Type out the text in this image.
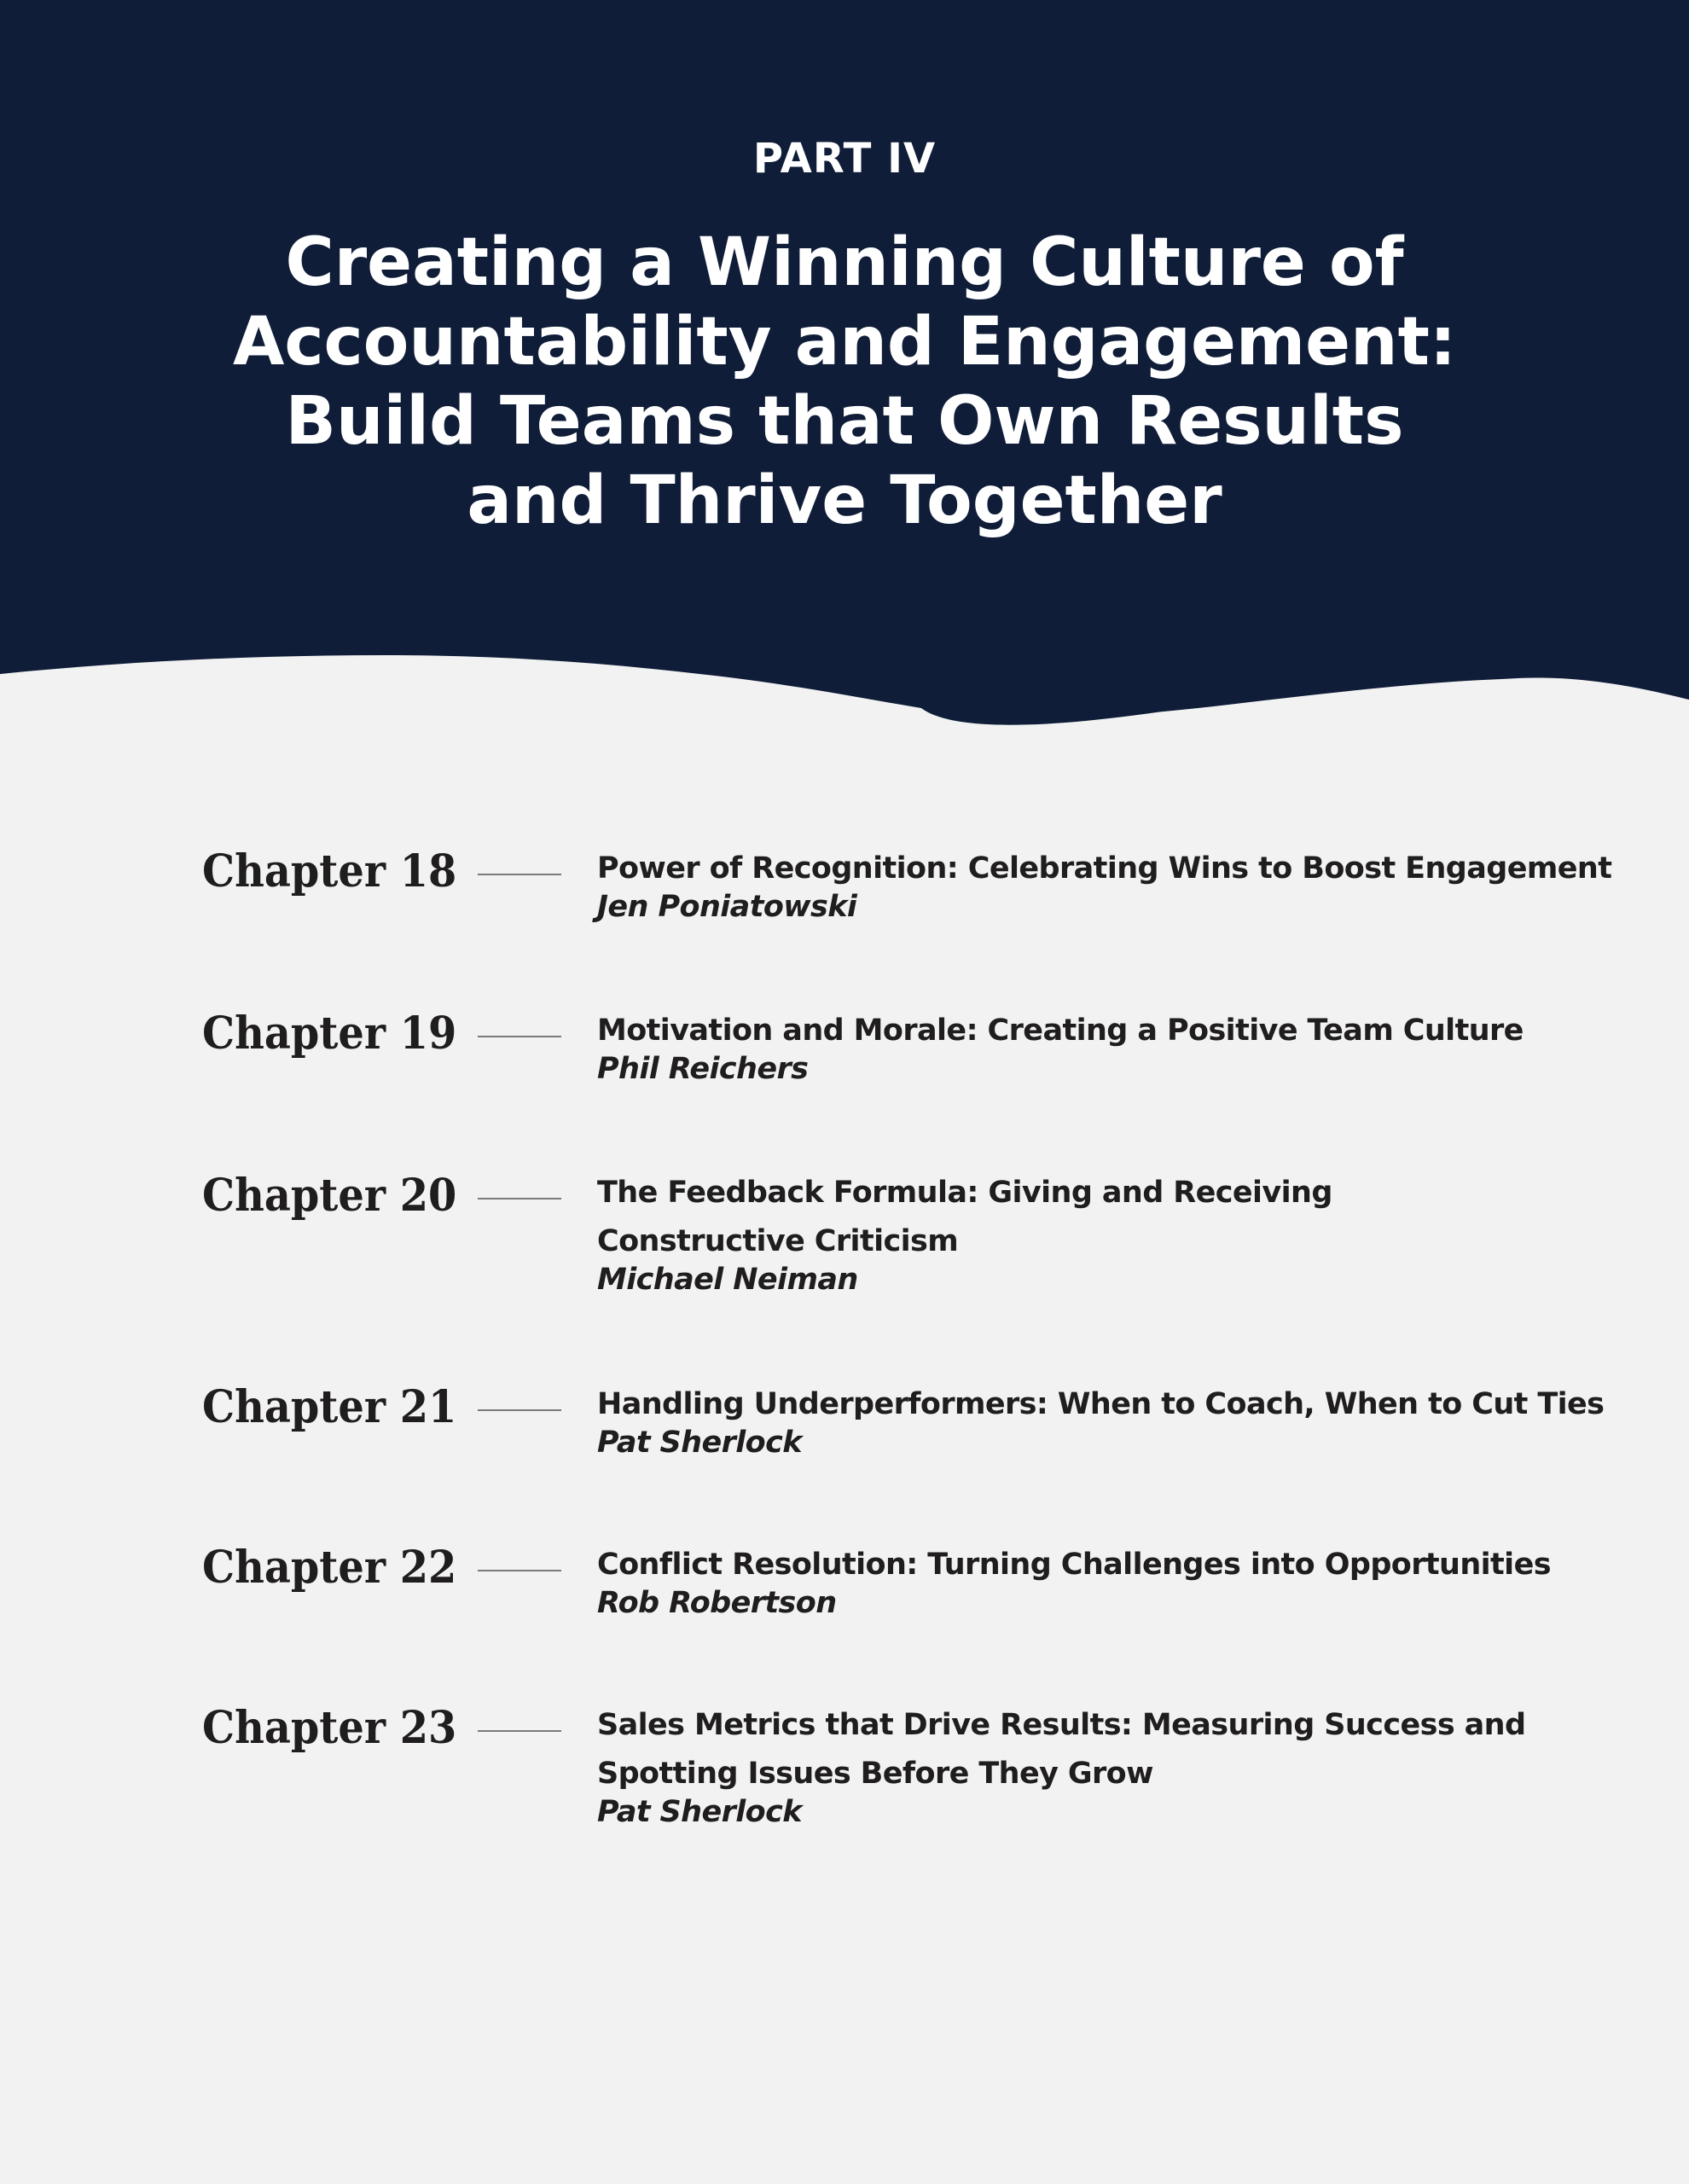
PART IV
Creating a Winning Culture of
Accountability and Engagement:
Build Teams that Own Results
and Thrive Together
Chapter 18	Power of Recognition: Celebrating Wins to Boost Engagement
Jen Poniatowski
Chapter 19	Motivation and Morale: Creating a Positive Team Culture
Phil Reichers
Chapter 20	The Feedback Formula: Giving and Receiving
Constructive Criticism
Michael Neiman
Chapter 21	Handling Underperformers: When to Coach, When to Cut Ties
Pat Sherlock
Chapter 22	Conflict Resolution: Turning Challenges into Opportunities
Rob Robertson
Chapter 23	Sales Metrics that Drive Results: Measuring Success and
Spotting Issues Before They Grow
Pat Sherlock
